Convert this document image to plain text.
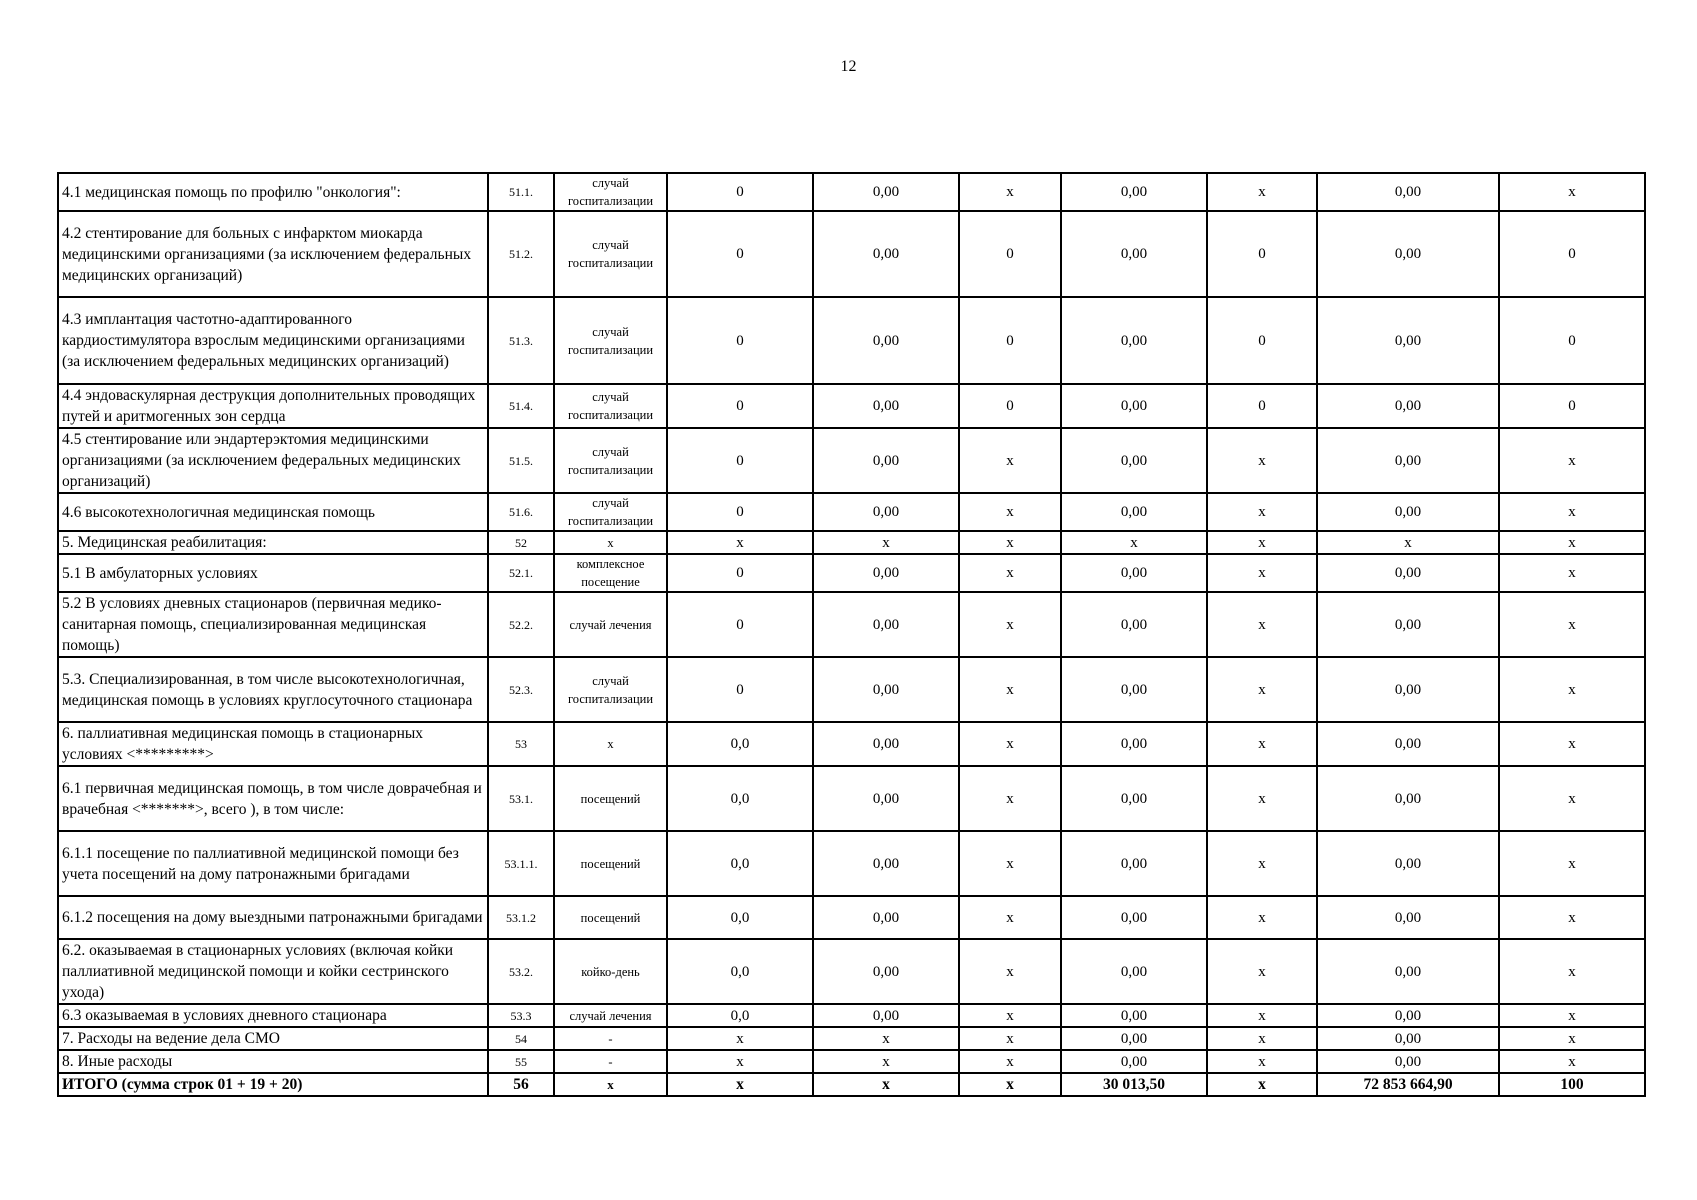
12
4.1 медицинская помощь по профилю "онкология":	51.1.	случай госпитализации	0	0,00	x	0,00	x	0,00	x
4.2 стентирование для больных с инфарктом миокарда медицинскими организациями (за исключением федеральных медицинских организаций)	51.2.	случай госпитализации	0	0,00	0	0,00	0	0,00	0
4.3 имплантация частотно-адаптированного кардиостимулятора взрослым медицинскими организациями (за исключением федеральных медицинских организаций)	51.3.	случай госпитализации	0	0,00	0	0,00	0	0,00	0
4.4 эндоваскулярная деструкция дополнительных проводящих путей и аритмогенных зон сердца	51.4.	случай госпитализации	0	0,00	0	0,00	0	0,00	0
4.5 стентирование или эндартерэктомия медицинскими организациями (за исключением федеральных медицинских организаций)	51.5.	случай госпитализации	0	0,00	x	0,00	x	0,00	x
4.6 высокотехнологичная медицинская помощь	51.6.	случай госпитализации	0	0,00	x	0,00	x	0,00	x
5. Медицинская реабилитация:	52	x	x	x	x	x	x	x	x
5.1 В амбулаторных условиях	52.1.	комплексное посещение	0	0,00	x	0,00	x	0,00	x
5.2 В условиях дневных стационаров (первичная медико-санитарная помощь, специализированная медицинская помощь)	52.2.	случай лечения	0	0,00	x	0,00	x	0,00	x
5.3. Специализированная, в том числе высокотехнологичная, медицинская помощь в условиях круглосуточного стационара	52.3.	случай госпитализации	0	0,00	x	0,00	x	0,00	x
6. паллиативная медицинская помощь в стационарных условиях <*********>	53	x	0,0	0,00	x	0,00	x	0,00	x
6.1 первичная медицинская помощь, в том числе доврачебная и врачебная <*******>, всего ), в том числе:	53.1.	посещений	0,0	0,00	x	0,00	x	0,00	x
6.1.1 посещение по паллиативной медицинской помощи без учета посещений на дому патронажными бригадами	53.1.1.	посещений	0,0	0,00	x	0,00	x	0,00	x
6.1.2 посещения на дому выездными патронажными бригадами	53.1.2	посещений	0,0	0,00	x	0,00	x	0,00	x
6.2. оказываемая в стационарных условиях (включая койки паллиативной медицинской помощи и койки сестринского ухода)	53.2.	койко-день	0,0	0,00	x	0,00	x	0,00	x
6.3 оказываемая в условиях дневного стационара	53.3	случай лечения	0,0	0,00	x	0,00	x	0,00	x
7. Расходы на ведение дела СМО	54	-	x	x	x	0,00	x	0,00	x
8. Иные расходы	55	-	x	x	x	0,00	x	0,00	x
ИТОГО (сумма строк 01 + 19 + 20)	56	x	x	x	x	30 013,50	x	72 853 664,90	100
